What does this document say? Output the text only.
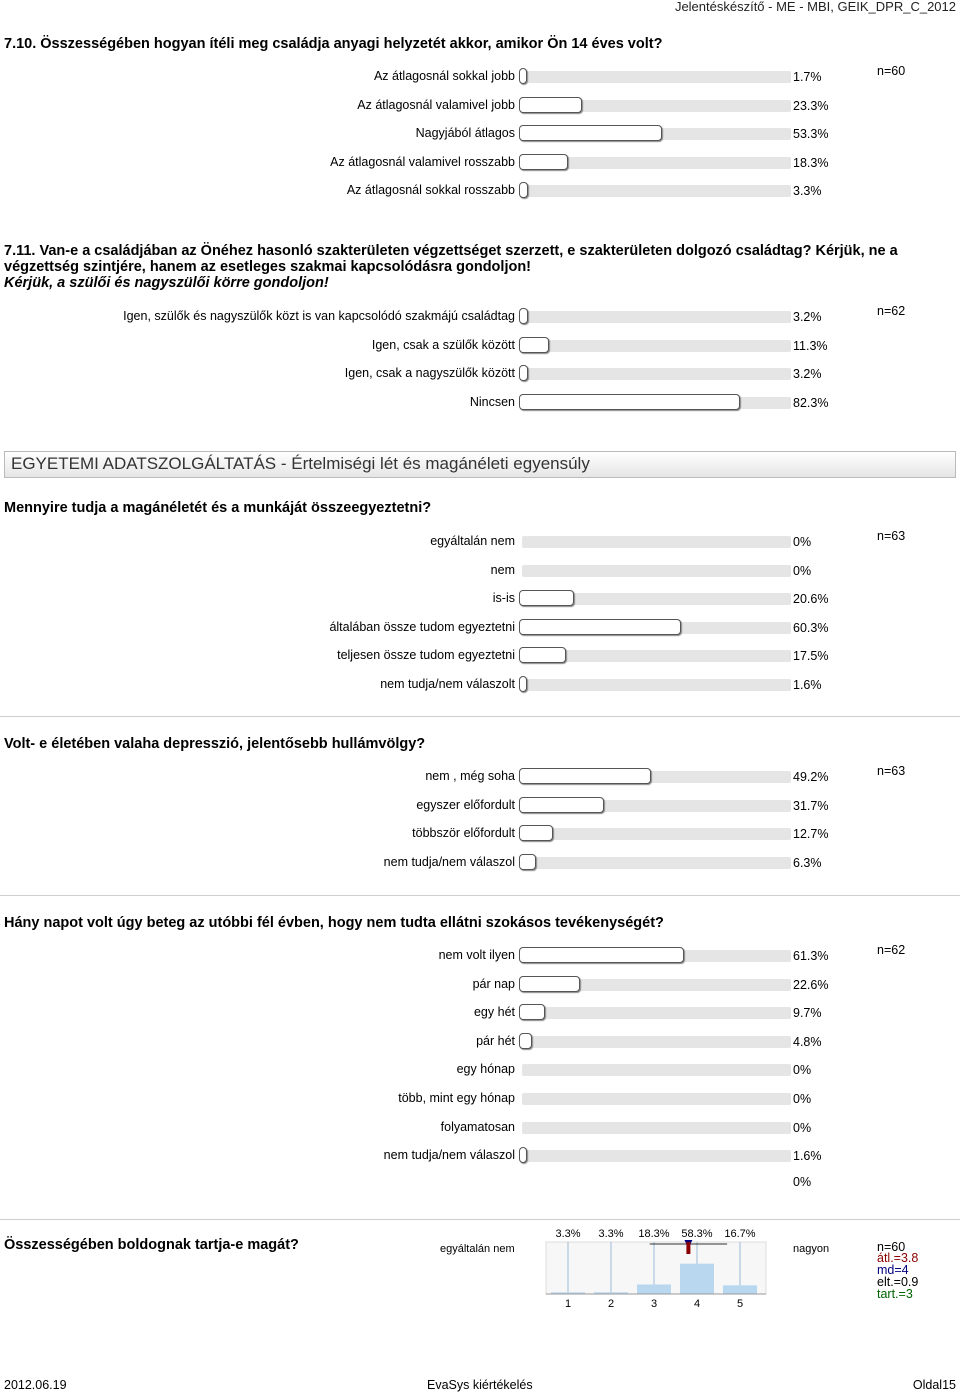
Jelentéskészítő - ME - MBI, GEIK_DPR_C_2012
7.10. Összességében hogyan ítéli meg családja anyagi helyzetét akkor, amikor Ön 14 éves volt?
Az átlagosnál sokkal jobb	1.7%
Az átlagosnál valamivel jobb	23.3%
Nagyjából átlagos	53.3%
Az átlagosnál valamivel rosszabb	18.3%
Az átlagosnál sokkal rosszabb	3.3%
n=60
7.11. Van-e a családjában az Önéhez hasonló szakterületen végzettséget szerzett, e szakterületen dolgozó családtag? Kérjük, ne a végzettség szintjére, hanem az esetleges szakmai kapcsolódásra gondoljon!
Kérjük, a szülői és nagyszülői körre gondoljon!
Igen, szülők és nagyszülők közt is van kapcsolódó szakmájú családtag	3.2%
Igen, csak a szülők között	11.3%
Igen, csak a nagyszülők között	3.2%
Nincsen	82.3%
n=62
EGYETEMI ADATSZOLGÁLTATÁS - Értelmiségi lét és magánéleti egyensúly
Mennyire tudja a magánéletét és a munkáját összeegyeztetni?
egyáltalán nem	0%
nem	0%
is-is	20.6%
általában össze tudom egyeztetni	60.3%
teljesen össze tudom egyeztetni	17.5%
nem tudja/nem válaszolt	1.6%
n=63
Volt- e életében valaha depresszió, jelentősebb hullámvölgy?
nem , még soha	49.2%
egyszer előfordult	31.7%
többször előfordult	12.7%
nem tudja/nem válaszol	6.3%
n=63
Hány napot volt úgy beteg az utóbbi fél évben, hogy nem tudta ellátni szokásos tevékenységét?
nem volt ilyen	61.3%
pár nap	22.6%
egy hét	9.7%
pár hét	4.8%
egy hónap	0%
több, mint egy hónap	0%
folyamatosan	0%
nem tudja/nem válaszol	1.6%
n=62
0%
Összességében boldognak tartja-e magát?	egyáltalán nem	nagyon
3.3%
1
3.3%
2
18.3%
3
58.3%
4
16.7%
5
n=60
átl.=3.8
md=4
elt.=0.9
tart.=3
2012.06.19	EvaSys kiértékelés	Oldal15
